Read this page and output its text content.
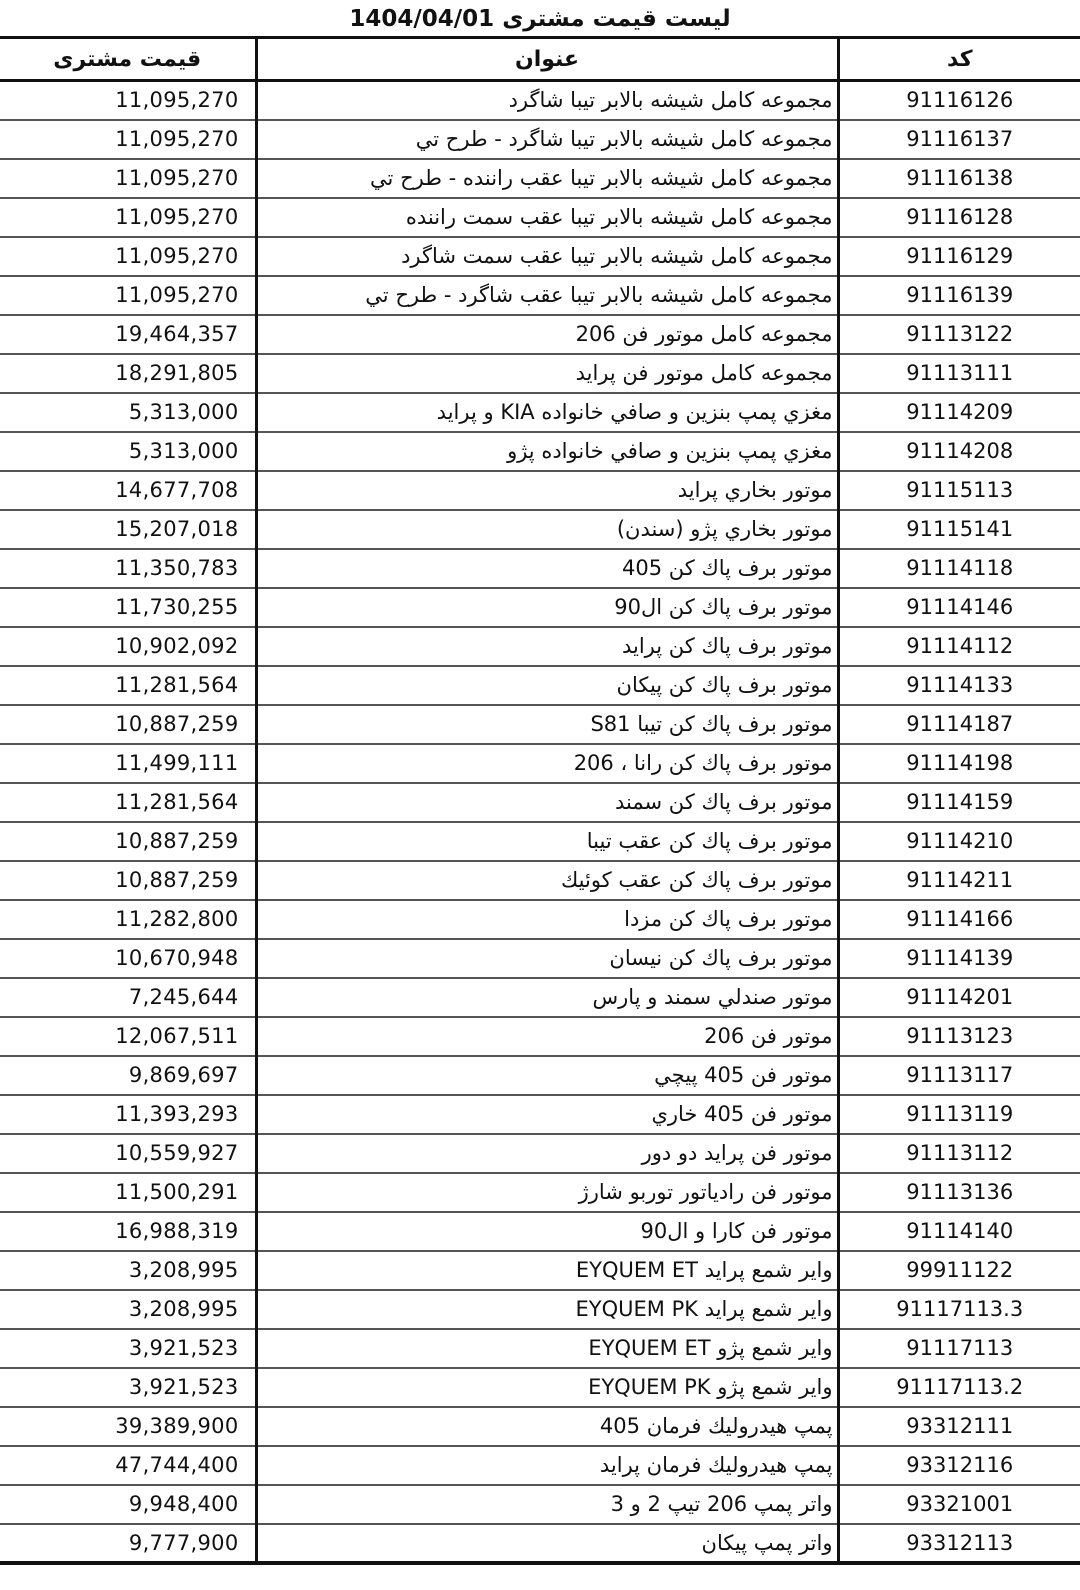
لیست قیمت مشتری 1404/04/01
قیمت مشتری	عنوان	کد
11,095,270	مجموعه كامل شيشه بالابر تيبا شاگرد	91116126
11,095,270	مجموعه كامل شيشه بالابر تيبا شاگرد - طرح تي	91116137
11,095,270	مجموعه كامل شيشه بالابر تيبا عقب راننده - طرح تي	91116138
11,095,270	مجموعه كامل شيشه بالابر تيبا عقب سمت راننده	91116128
11,095,270	مجموعه كامل شيشه بالابر تيبا عقب سمت شاگرد	91116129
11,095,270	مجموعه كامل شيشه بالابر تيبا عقب شاگرد - طرح تي	91116139
19,464,357	مجموعه كامل موتور فن 206	91113122
18,291,805	مجموعه كامل موتور فن پرايد	91113111
5,313,000	مغزي پمپ بنزين و صافي خانواده KIA و پرايد	91114209
5,313,000	مغزي پمپ بنزين و صافي خانواده پژو	91114208
14,677,708	موتور بخاري پرايد	91115113
15,207,018	موتور بخاري پژو (سندن)	91115141
11,350,783	موتور برف پاك كن 405	91114118
11,730,255	موتور برف پاك كن ال90	91114146
10,902,092	موتور برف پاك كن پرايد	91114112
11,281,564	موتور برف پاك كن پيكان	91114133
10,887,259	موتور برف پاك كن تيبا S81	91114187
11,499,111	موتور برف پاك كن رانا ، 206	91114198
11,281,564	موتور برف پاك كن سمند	91114159
10,887,259	موتور برف پاك كن عقب تيبا	91114210
10,887,259	موتور برف پاك كن عقب كوئيك	91114211
11,282,800	موتور برف پاك كن مزدا	91114166
10,670,948	موتور برف پاك كن نيسان	91114139
7,245,644	موتور صندلي سمند و پارس	91114201
12,067,511	موتور فن 206	91113123
9,869,697	موتور فن 405 پيچي	91113117
11,393,293	موتور فن 405 خاري	91113119
10,559,927	موتور فن پرايد دو دور	91113112
11,500,291	موتور فن رادياتور توربو شارژ	91113136
16,988,319	موتور فن كارا و ال90	91114140
3,208,995	واير شمع پرايد EYQUEM ET	99911122
3,208,995	واير شمع پرايد EYQUEM PK	91117113.3
3,921,523	واير شمع پژو EYQUEM ET	91117113
3,921,523	واير شمع پژو EYQUEM PK	91117113.2
39,389,900	پمپ هيدروليك فرمان 405	93312111
47,744,400	پمپ هيدروليك فرمان پرايد	93312116
9,948,400	واتر پمپ 206 تيپ 2 و 3	93321001
9,777,900	واتر پمپ پيكان	93312113
